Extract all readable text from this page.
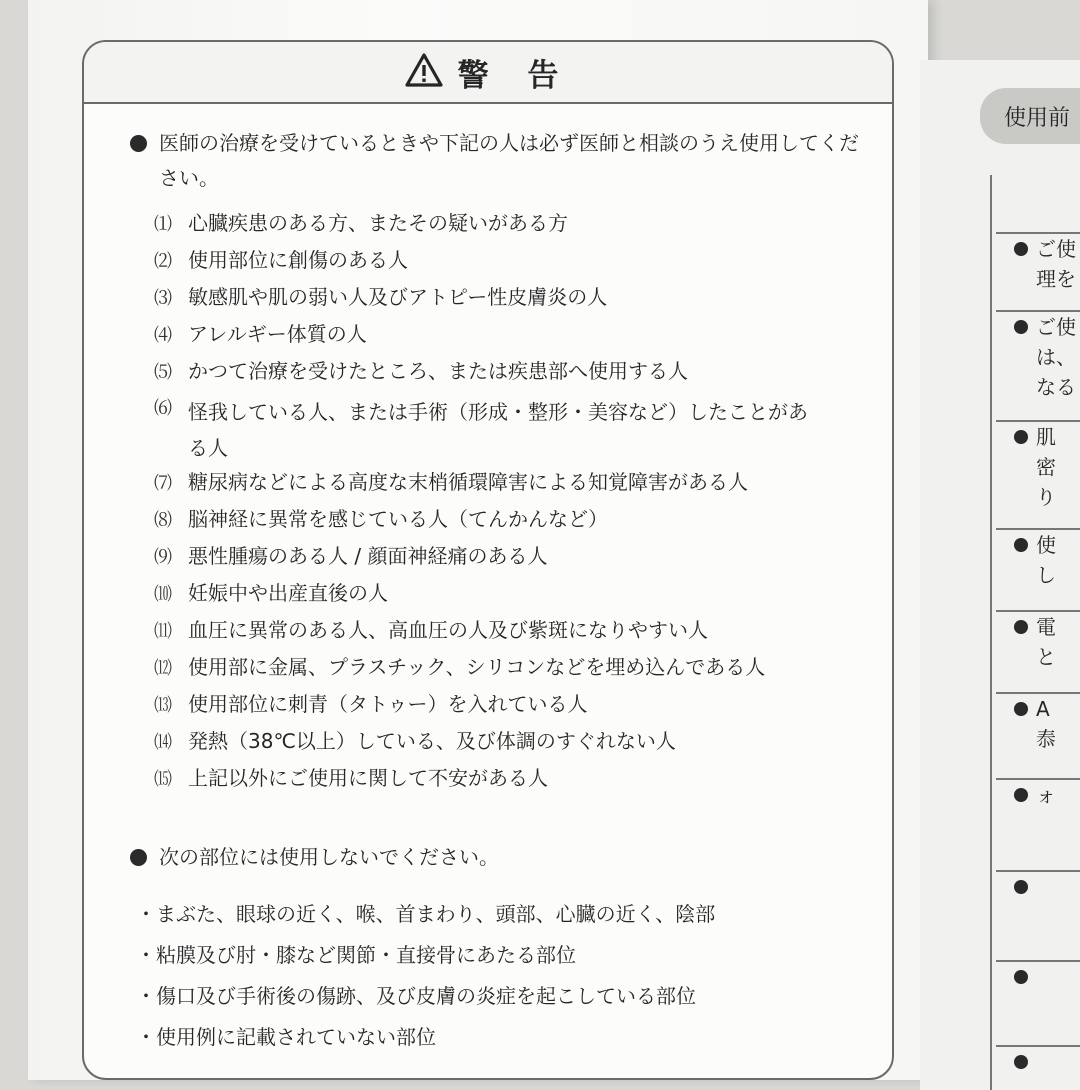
警 告
医師の治療を受けているときや下記の人は必ず医師と相談のうえ使用してください。
⑴ 心臓疾患のある方、またその疑いがある方
⑵ 使用部位に創傷のある人
⑶ 敏感肌や肌の弱い人及びアトピー性皮膚炎の人
⑷ アレルギー体質の人
⑸ かつて治療を受けたところ、または疾患部へ使用する人
⑹ 怪我している人、または手術（形成・整形・美容など）したことがある人
⑺ 糖尿病などによる高度な末梢循環障害による知覚障害がある人
⑻ 脳神経に異常を感じている人（てんかんなど）
⑼ 悪性腫瘍のある人 / 顔面神経痛のある人
⑽ 妊娠中や出産直後の人
⑾ 血圧に異常のある人、高血圧の人及び紫斑になりやすい人
⑿ 使用部に金属、プラスチック、シリコンなどを埋め込んである人
⒀ 使用部位に刺青（タトゥー）を入れている人
⒁ 発熱（38℃以上）している、及び体調のすぐれない人
⒂ 上記以外にご使用に関して不安がある人
次の部位には使用しないでください。
・ まぶた、眼球の近く、喉、首まわり、頭部、心臓の近く、陰部
・ 粘膜及び肘・膝など関節・直接骨にあたる部位
・ 傷口及び手術後の傷跡、及び皮膚の炎症を起こしている部位
・ 使用例に記載されていない部位
使用前
ご使
理を
ご使
は、
なる
肌
密
り
使
し
電
と
A
㤗
ォ
